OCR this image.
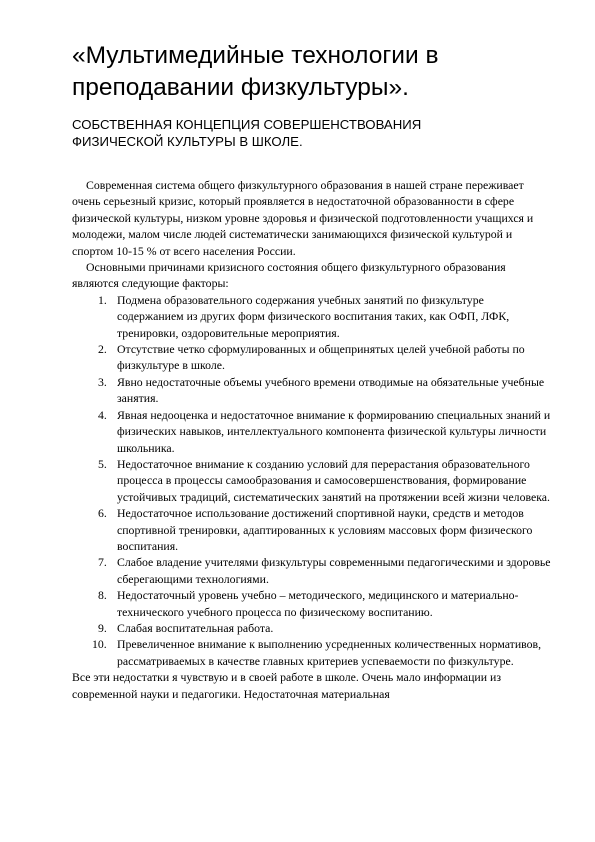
«Мультимедийные технологии в преподавании физкультуры».
СОБСТВЕННАЯ КОНЦЕПЦИЯ СОВЕРШЕНСТВОВАНИЯ ФИЗИЧЕСКОЙ КУЛЬТУРЫ В ШКОЛЕ.

Современная система общего физкультурного образования в нашей стране переживает очень серьезный кризис, который проявляется в недостаточной образованности в сфере физической культуры, низком уровне здоровья и физической подготовленности учащихся и молодежи, малом числе людей систематически занимающихся физической культурой и спортом 10-15 % от всего населения России.

Основными причинами кризисного состояния общего физкультурного образования являются следующие факторы:

1. Подмена образовательного содержания учебных занятий по физкультуре содержанием из других форм физического воспитания таких, как ОФП, ЛФК, тренировки, оздоровительные мероприятия.
2. Отсутствие четко сформулированных и общепринятых целей учебной работы по физкультуре в школе.
3. Явно недостаточные объемы учебного времени отводимые на обязательные учебные занятия.
4. Явная недооценка и недостаточное внимание к формированию специальных знаний и физических навыков, интеллектуального компонента физической культуры личности школьника.
5. Недостаточное внимание к созданию условий для перерастания образовательного процесса в процессы самообразования и самосовершенствования, формирование устойчивых традиций, систематических занятий на протяжении всей жизни человека.
6. Недостаточное использование достижений спортивной науки, средств и методов спортивной тренировки, адаптированных к условиям массовых форм физического воспитания.
7. Слабое владение учителями физкультуры современными педагогическими и здоровье сберегающими технологиями.
8. Недостаточный уровень учебно – методического, медицинского и материально-технического учебного процесса по физическому воспитанию.
9. Слабая воспитательная работа.
10. Превеличенное внимание к выполнению усредненных количественных нормативов, рассматриваемых в качестве главных критериев успеваемости по физкультуре.

Все эти недостатки я чувствую и в своей работе в школе. Очень мало информации из современной науки и педагогики. Недостаточная материальная
